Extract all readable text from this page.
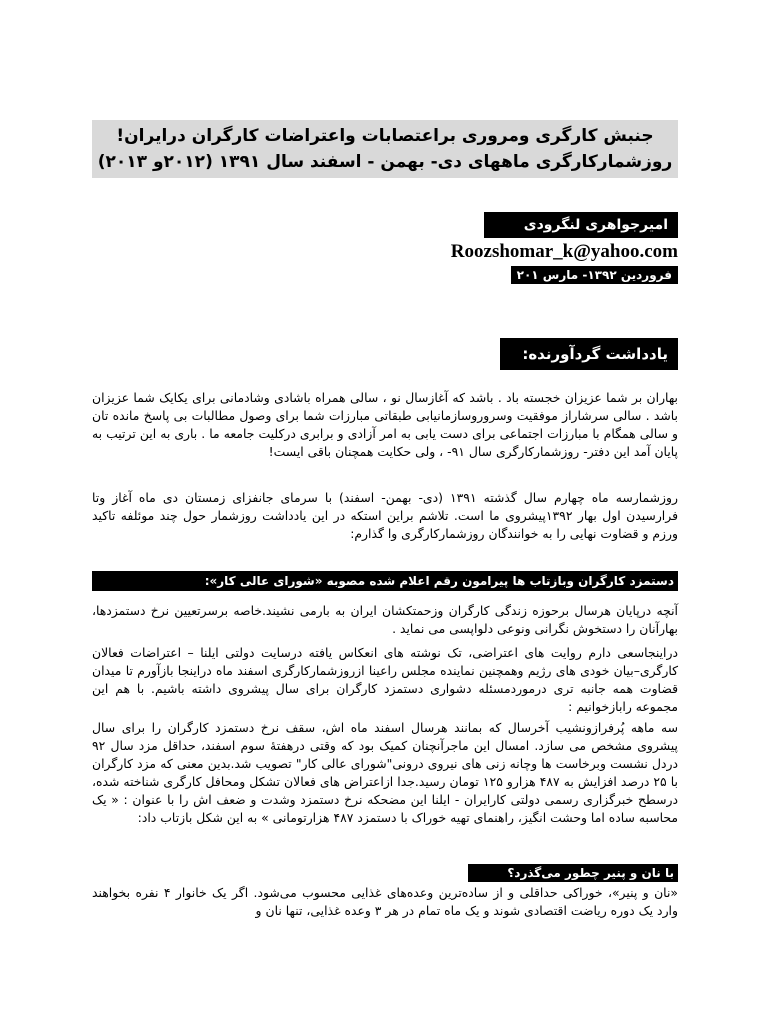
جنبش کارگری ومروری براعتصابات واعتراضات کارگران درایران!
روزشمارکارگری ماههای دی- بهمن - اسفند سال ۱۳۹۱ (۲۰۱۲و ۲۰۱۳)
امیرجواهری لنگرودی
Roozshomar_k@yahoo.com
فروردین ۱۳۹۲- مارس ۲۰۱
یادداشت گردآورنده:
بهاران بر شما عزیزان خجسته باد . باشد که آغازسال نو ، سالی همراه باشادی وشادمانی برای یکایک شما عزیزان باشد . سالی سرشاراز موفقیت وسروروسازمانیابی طبقاتی مبارزات شما برای وصول مطالبات بی پاسخ مانده تان و سالی همگام با مبارزات اجتماعی برای دست یابی به امر آزادی و برابری درکلیت جامعه ما . باری به این ترتیب به پایان آمد این دفتر- روزشمارکارگری سال ۹۱- ، ولی حکایت همچنان باقی ایست!
روزشمارسه ماه چهارم سال گذشته ۱۳۹۱ (دی- بهمن- اسفند) با سرمای جانفزای زمستان دی ماه آغاز وتا فرارسیدن اول بهار ۱۳۹۲پیشروی ما است. تلاشم براین استکه در این یادداشت روزشمار حول چند موئلفه تاکید ورزم و قضاوت نهایی را به خوانندگان روزشمارکارگری وا گذارم:
دستمزد کارگران وبازتاب ها پیرامون رقم اعلام شده مصوبه «شورای عالی کار»:
آنچه درپایان هرسال برحوزه زندگی کارگران وزحمتکشان ایران به بارمی نشیند.خاصه برسرتعیین نرخ دستمزدها، بهارآنان را دستخوش نگرانی ونوعی دلواپسی می نماید .
دراینجاسعی دارم روایت های اعتراضی، تک نوشته های انعکاس یافته درسایت دولتی ایلنا – اعتراضات فعالان کارگری–بیان خودی های رژیم وهمچنین نماینده مجلس راعینا ازروزشمارکارگری اسفند ماه دراینجا بازآورم تا میدان قضاوت همه جانبه تری درموردمسئله دشواری دستمزد کارگران برای سال پیشروی داشته باشیم. با هم این مجموعه رابازخوانیم :
سه ماهه پُرفرازونشیب آخرسال که بمانند هرسال اسفند ماه اش، سقف نرخ دستمزد کارگران را برای سال پیشروی مشخص می سازد. امسال این ماجرآنچنان کمیک بود که وقتی درهفتهٔ سوم اسفند، حداقل مزد سال ۹۲ دردل نشست وبرخاست ها وچانه زنی های نیروی درونی"شورای عالی کار" تصویب شد.بدین معنی که مزد کارگران با ۲۵ درصد افزایش به ۴۸۷ هزارو ۱۲۵ تومان رسید.جدا ازاعتراض های فعالان تشکل ومحافل کارگری شناخته شده، درسطح خبرگزاری رسمی دولتی کارایران - ایلنا این مضحکه نرخ دستمزد وشدت و ضعف اش را با عنوان : « یک محاسبه ساده اما وحشت انگیز، راهنمای تهیه خوراک با دستمزد ۴۸۷ هزارتومانی » به این شکل بازتاب داد:
با نان و پنیر چطور می‌گذرد؟
«نان و پنیر»، خوراکی حداقلی و از ساده‌ترین وعده‌های غذایی محسوب می‌شود. اگر یک خانوار ۴ نفره بخواهند وارد یک دوره ریاضت اقتصادی شوند و یک ماه تمام در هر ۳ وعده غذایی، تنها نان و
